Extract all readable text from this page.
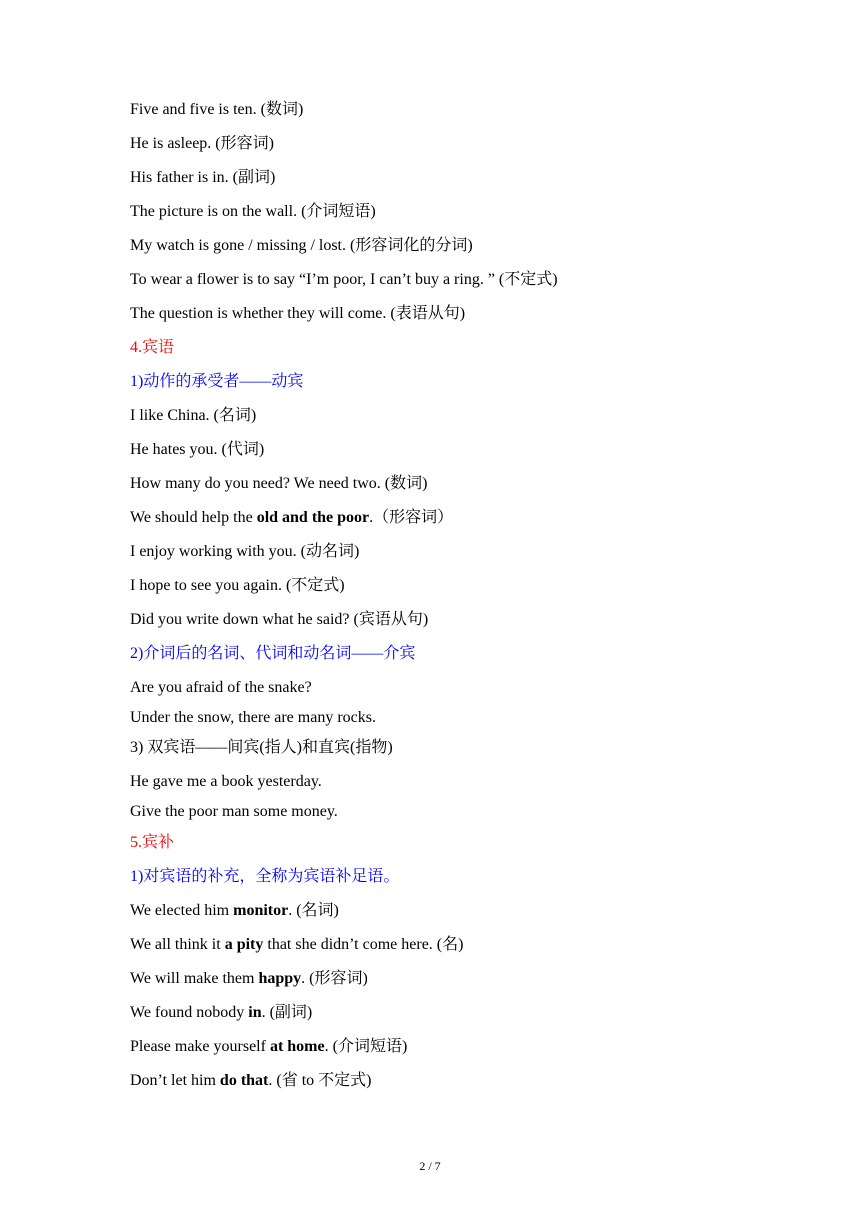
Five and five is ten. (数词)
He is asleep. (形容词)
His father is in. (副词)
The picture is on the wall. (介词短语)
My watch is gone / missing / lost. (形容词化的分词)
To wear a flower is to say “I’m poor, I can’t buy a ring. ” (不定式)
The question is whether they will come. (表语从句)
4.宾语
1)动作的承受者——动宾
I like China. (名词)
He hates you. (代词)
How many do you need? We need two. (数词)
We should help the old and the poor.（形容词）
I enjoy working with you. (动名词)
I hope to see you again. (不定式)
Did you write down what he said? (宾语从句)
2)介词后的名词、代词和动名词——介宾
Are you afraid of the snake?
Under the snow, there are many rocks.
3) 双宾语——间宾(指人)和直宾(指物)
He gave me a book yesterday.
Give the poor man some money.
5.宾补
1)对宾语的补充，全称为宾语补足语。
We elected him monitor. (名词)
We all think it a pity that she didn’t come here. (名)
We will make them happy. (形容词)
We found nobody in. (副词)
Please make yourself at home. (介词短语)
Don’t let him do that. (省 to 不定式)
2 / 7
